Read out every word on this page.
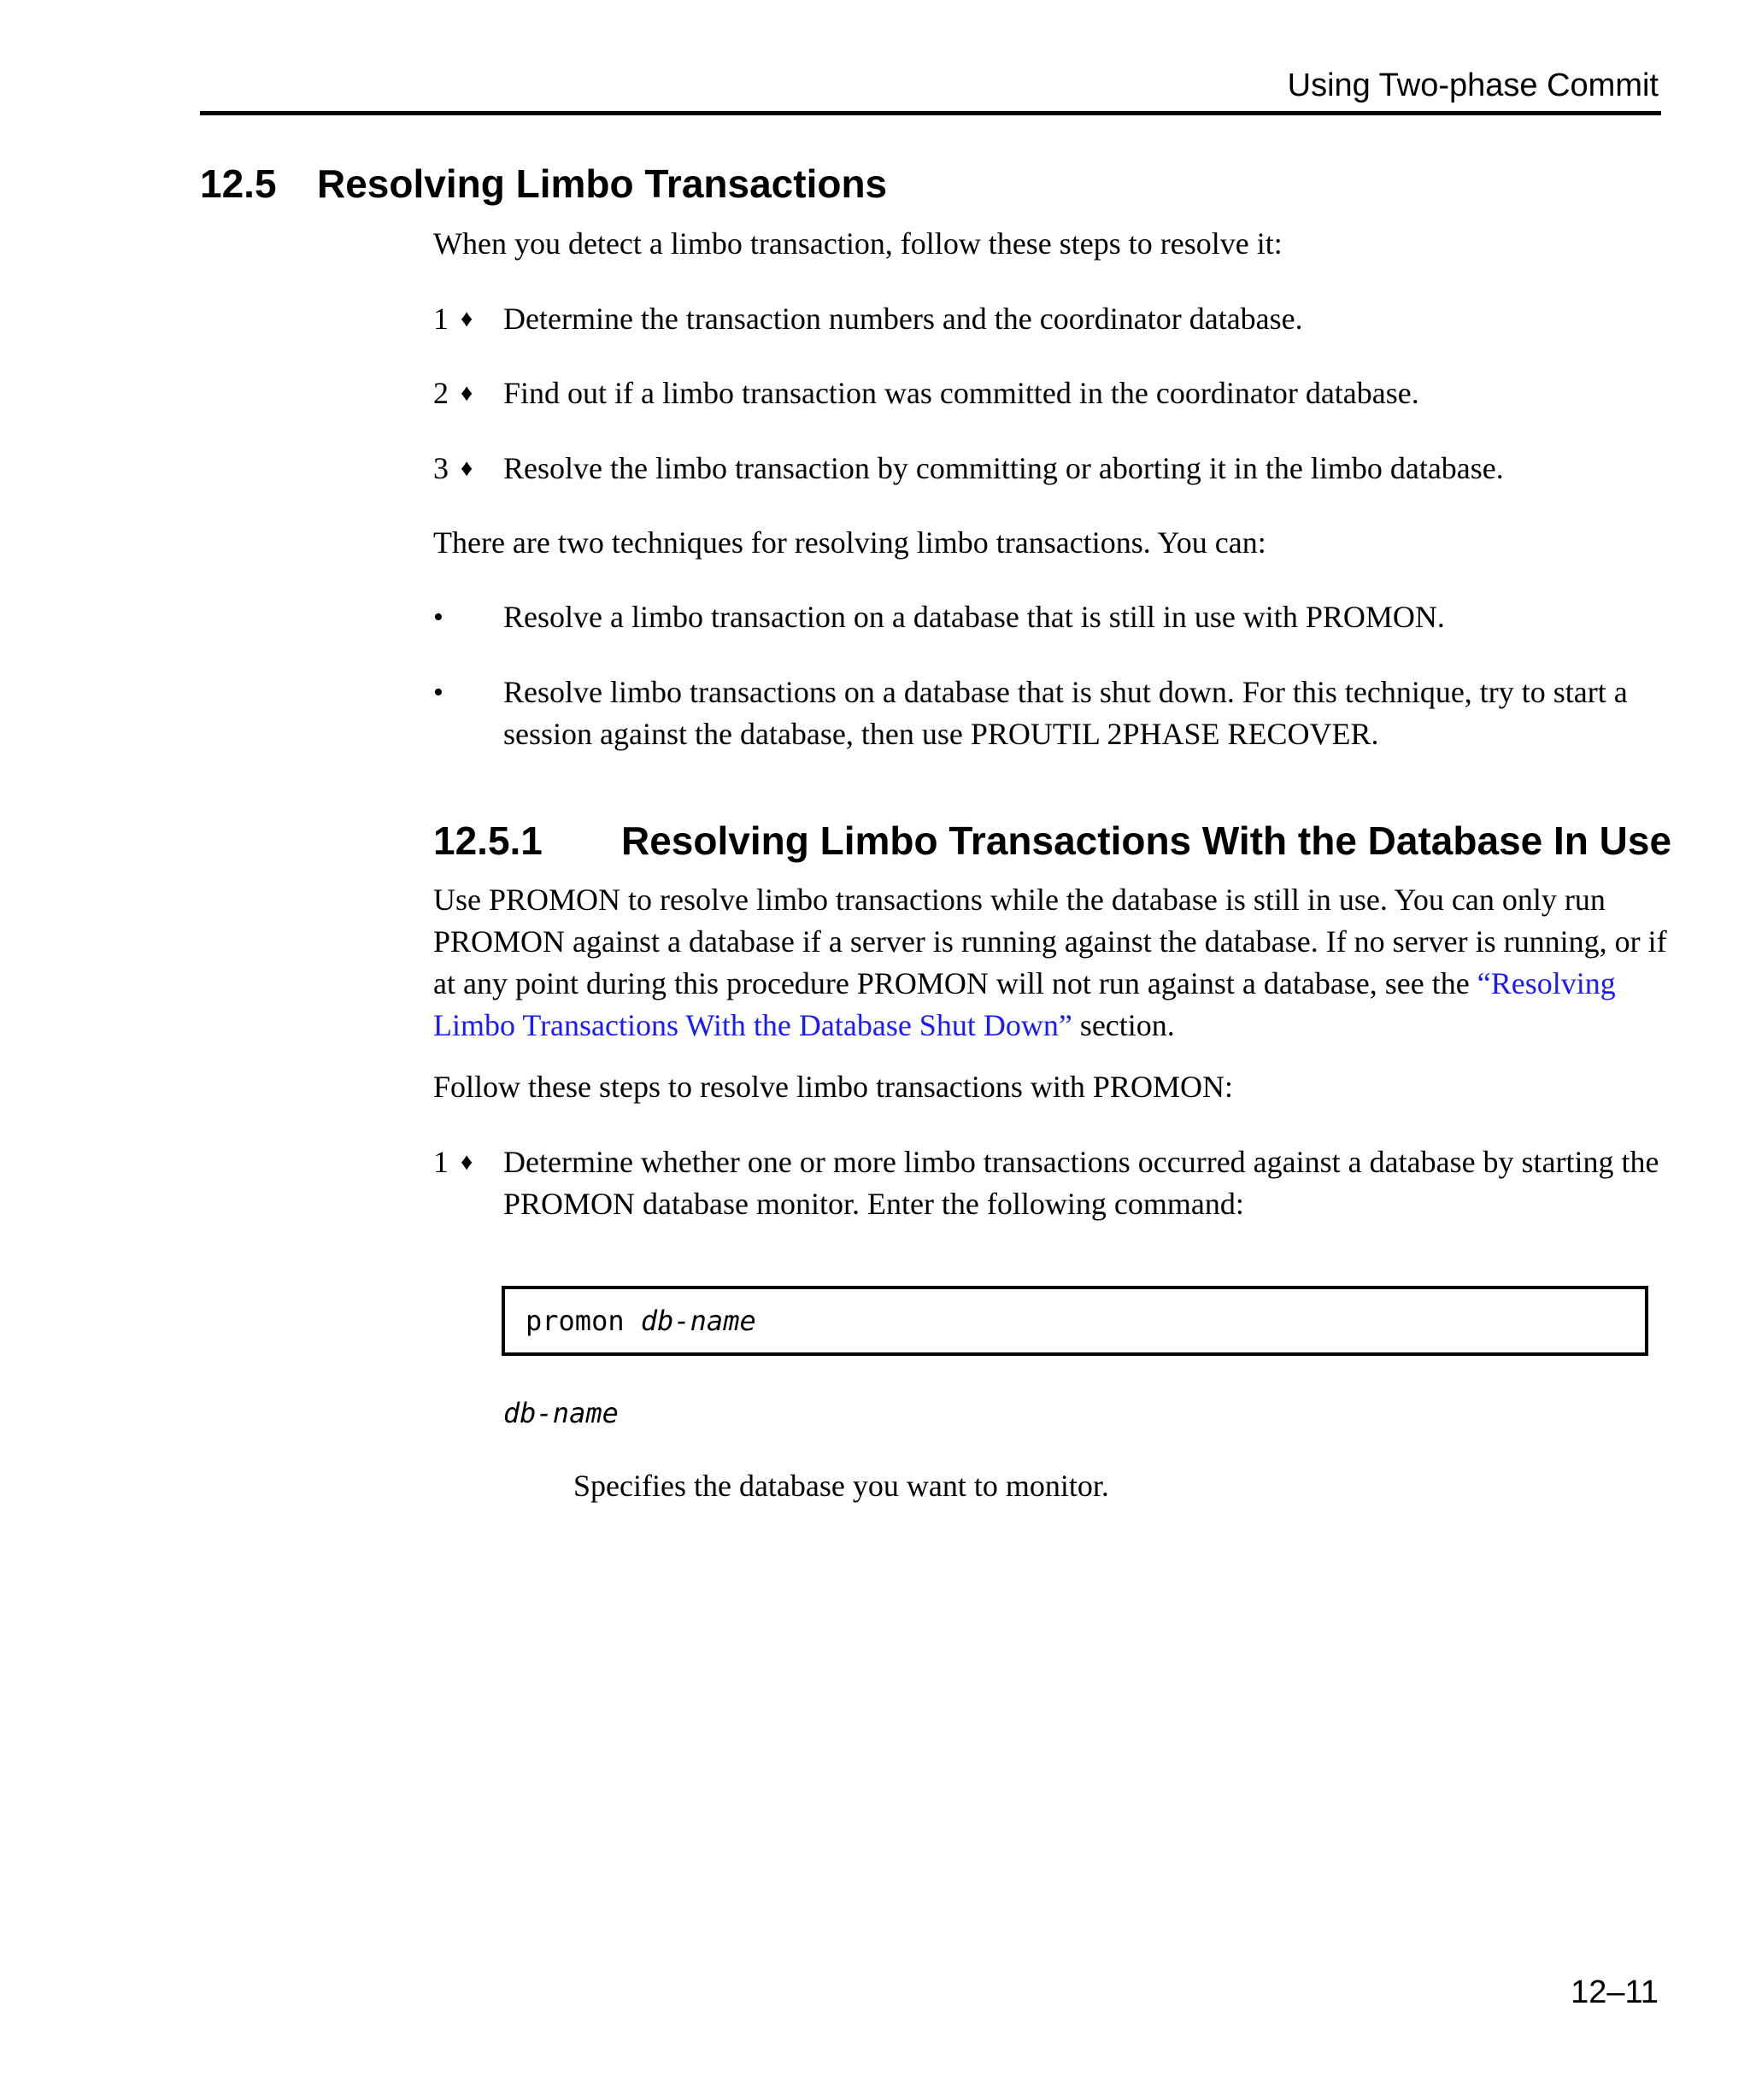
Using Two-phase Commit
12.5 Resolving Limbo Transactions

When you detect a limbo transaction, follow these steps to resolve it:

1 ♦ Determine the transaction numbers and the coordinator database.

2 ♦ Find out if a limbo transaction was committed in the coordinator database.

3 ♦ Resolve the limbo transaction by committing or aborting it in the limbo database.

There are two techniques for resolving limbo transactions. You can:

• Resolve a limbo transaction on a database that is still in use with PROMON.

• Resolve limbo transactions on a database that is shut down. For this technique, try to start a session against the database, then use PROUTIL 2PHASE RECOVER.

12.5.1 Resolving Limbo Transactions With the Database In Use

Use PROMON to resolve limbo transactions while the database is still in use. You can only run PROMON against a database if a server is running against the database. If no server is running, or if at any point during this procedure PROMON will not run against a database, see the “Resolving Limbo Transactions With the Database Shut Down” section.

Follow these steps to resolve limbo transactions with PROMON:

1 ♦ Determine whether one or more limbo transactions occurred against a database by starting the PROMON database monitor. Enter the following command:

promon db-name
db-name
Specifies the database you want to monitor.
12–11
